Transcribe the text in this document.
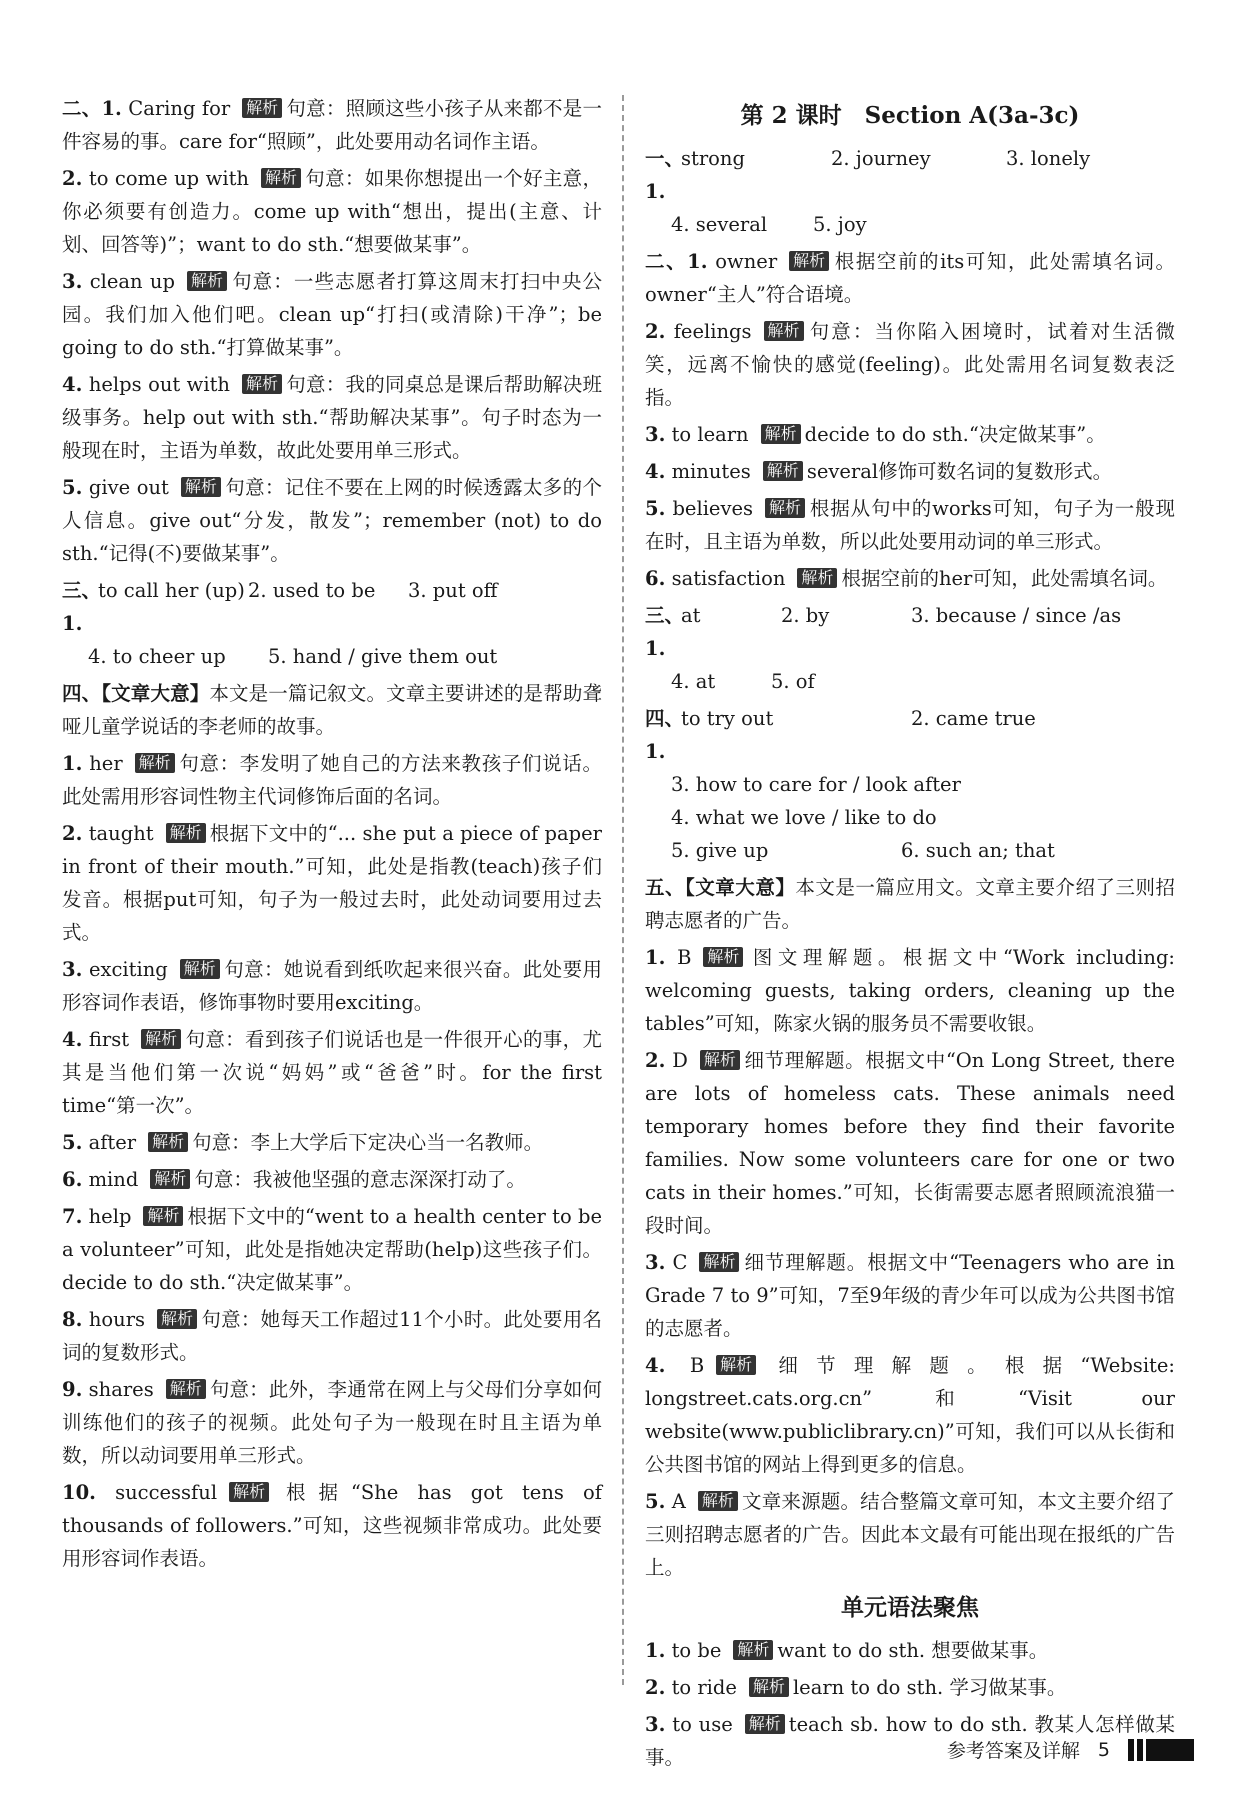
二、1. Caring for 解析 句意：照顾这些小孩子从来都不是一件容易的事。care for“照顾”，此处要用动名词作主语。
2. to come up with 解析 句意：如果你想提出一个好主意，你必须要有创造力。come up with“想出，提出(主意、计划、回答等)”；want to do sth.“想要做某事”。
3. clean up 解析 句意：一些志愿者打算这周末打扫中央公园。我们加入他们吧。clean up“打扫(或清除)干净”；be going to do sth.“打算做某事”。
4. helps out with 解析 句意：我的同桌总是课后帮助解决班级事务。help out with sth.“帮助解决某事”。句子时态为一般现在时，主语为单数，故此处要用单三形式。
5. give out 解析 句意：记住不要在上网的时候透露太多的个人信息。give out“分发，散发”；remember (not) to do sth.“记得(不)要做某事”。
三、1.
to call her (up) 2. used to be	3. put off
4. to cheer up	5. hand / give them out
四、【文章大意】本文是一篇记叙文。文章主要讲述的是帮助聋哑儿童学说话的李老师的故事。
1. her 解析 句意：李发明了她自己的方法来教孩子们说话。此处需用形容词性物主代词修饰后面的名词。
2. taught 解析 根据下文中的“... she put a piece of paper in front of their mouth.”可知，此处是指教(teach)孩子们发音。根据put可知，句子为一般过去时，此处动词要用过去式。
3. exciting 解析 句意：她说看到纸吹起来很兴奋。此处要用形容词作表语，修饰事物时要用exciting。
4. first 解析 句意：看到孩子们说话也是一件很开心的事，尤其是当他们第一次说“妈妈”或“爸爸”时。for the first time“第一次”。
5. after 解析 句意：李上大学后下定决心当一名教师。
6. mind 解析 句意：我被他坚强的意志深深打动了。
7. help 解析 根据下文中的“went to a health center to be a volunteer”可知，此处是指她决定帮助(help)这些孩子们。decide to do sth.“决定做某事”。
8. hours 解析 句意：她每天工作超过11个小时。此处要用名词的复数形式。
9. shares 解析 句意：此外，李通常在网上与父母们分享如何训练他们的孩子的视频。此处句子为一般现在时且主语为单数，所以动词要用单三形式。
10. successful 解析 根据“She has got tens of thousands of followers.”可知，这些视频非常成功。此处要用形容词作表语。
第 2 课时　Section A(3a-3c)
一、1.
strong	2. journey	3. lonely
4. several	5. joy
二、1. owner 解析 根据空前的its可知，此处需填名词。owner“主人”符合语境。
2. feelings 解析 句意：当你陷入困境时，试着对生活微笑，远离不愉快的感觉(feeling)。此处需用名词复数表泛指。
3. to learn 解析 decide to do sth.“决定做某事”。
4. minutes 解析 several修饰可数名词的复数形式。
5. believes 解析 根据从句中的works可知，句子为一般现在时，且主语为单数，所以此处要用动词的单三形式。
6. satisfaction 解析 根据空前的her可知，此处需填名词。
三、1.
at	2. by	3. because / since /as
4. at	5. of
四、1.
to try out	2. came true
3. how to care for / look after
4. what we love / like to do
5. give up	6. such an; that
五、【文章大意】本文是一篇应用文。文章主要介绍了三则招聘志愿者的广告。
1. B 解析 图文理解题。根据文中“Work including: welcoming guests, taking orders, cleaning up the tables”可知，陈家火锅的服务员不需要收银。
2. D 解析 细节理解题。根据文中“On Long Street, there are lots of homeless cats. These animals need temporary homes before they find their favorite families. Now some volunteers care for one or two cats in their homes.”可知，长街需要志愿者照顾流浪猫一段时间。
3. C 解析 细节理解题。根据文中“Teenagers who are in Grade 7 to 9”可知，7至9年级的青少年可以成为公共图书馆的志愿者。
4. B 解析 细节理解题。根据“Website: longstreet.cats.org.cn”和“Visit our website(www.publiclibrary.cn)”可知，我们可以从长街和公共图书馆的网站上得到更多的信息。
5. A 解析 文章来源题。结合整篇文章可知，本文主要介绍了三则招聘志愿者的广告。因此本文最有可能出现在报纸的广告上。
单元语法聚焦
1. to be 解析 want to do sth. 想要做某事。
2. to ride 解析 learn to do sth. 学习做某事。
3. to use 解析 teach sb. how to do sth. 教某人怎样做某事。	参考答案及详解 5
